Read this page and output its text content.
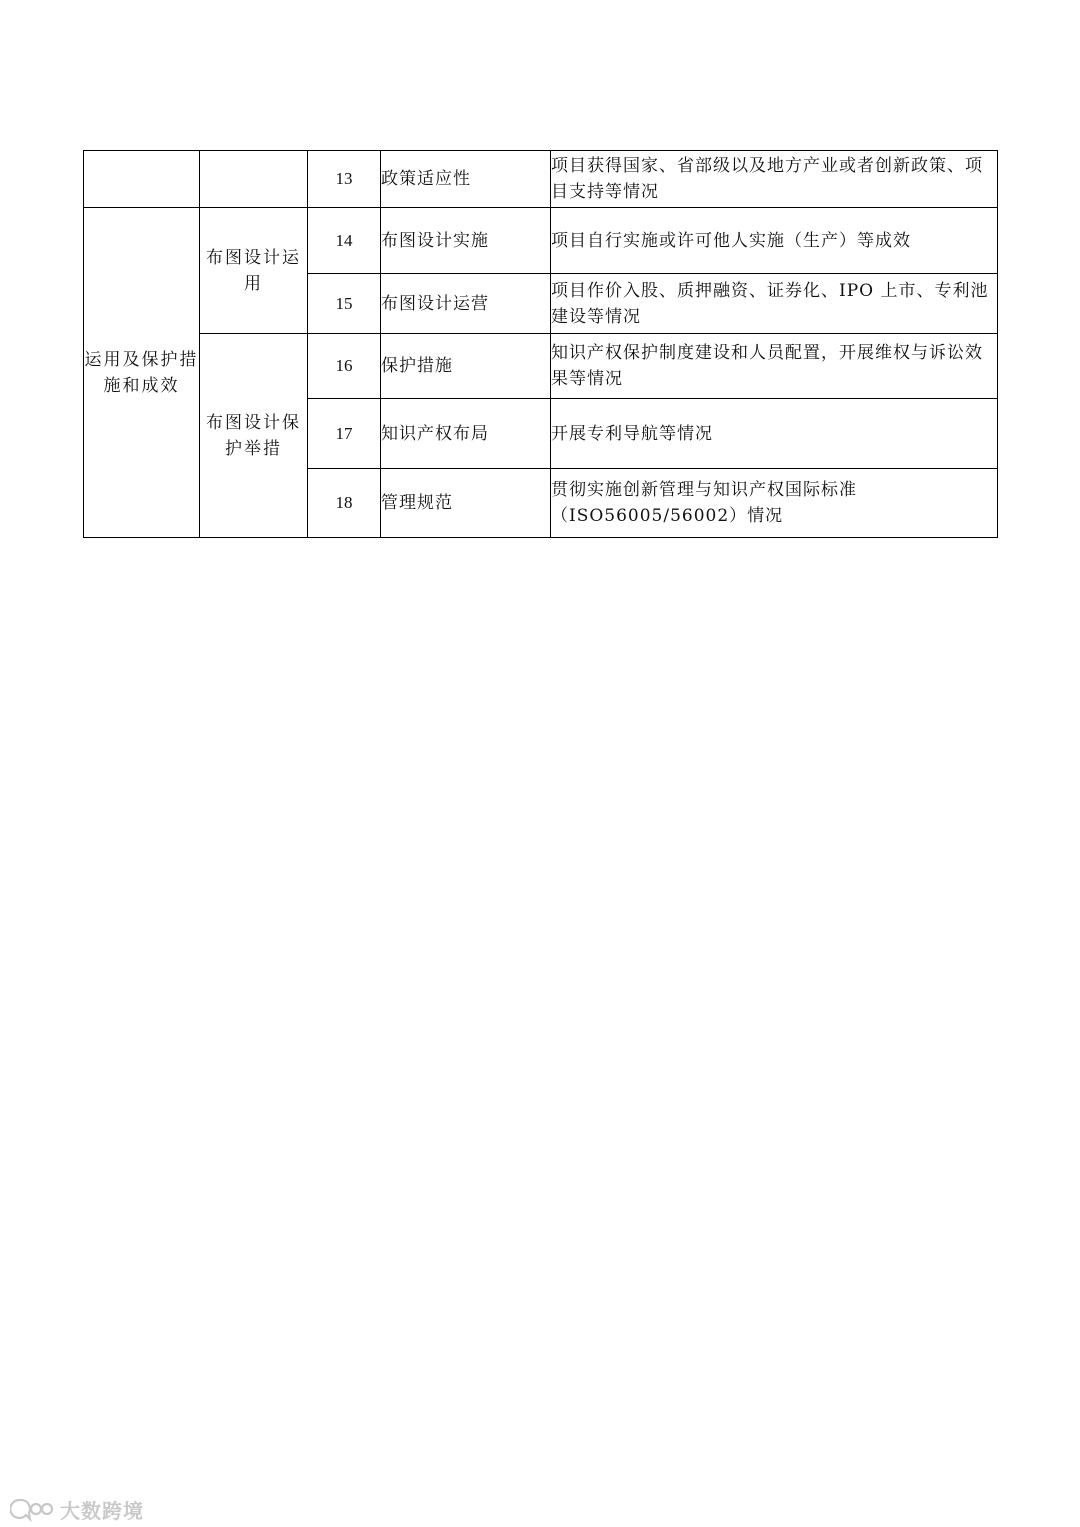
		13	政策适应性	项目获得国家、省部级以及地方产业或者创新政策、项目支持等情况
运用及保护措施和成效	布图设计运用	14	布图设计实施	项目自行实施或许可他人实施（生产）等成效
		15	布图设计运营	项目作价入股、质押融资、证券化、IPO 上市、专利池建设等情况
	布图设计保护举措	16	保护措施	知识产权保护制度建设和人员配置，开展维权与诉讼效果等情况
		17	知识产权布局	开展专利导航等情况
		18	管理规范	贯彻实施创新管理与知识产权国际标准（ISO56005/56002）情况
大数跨境
